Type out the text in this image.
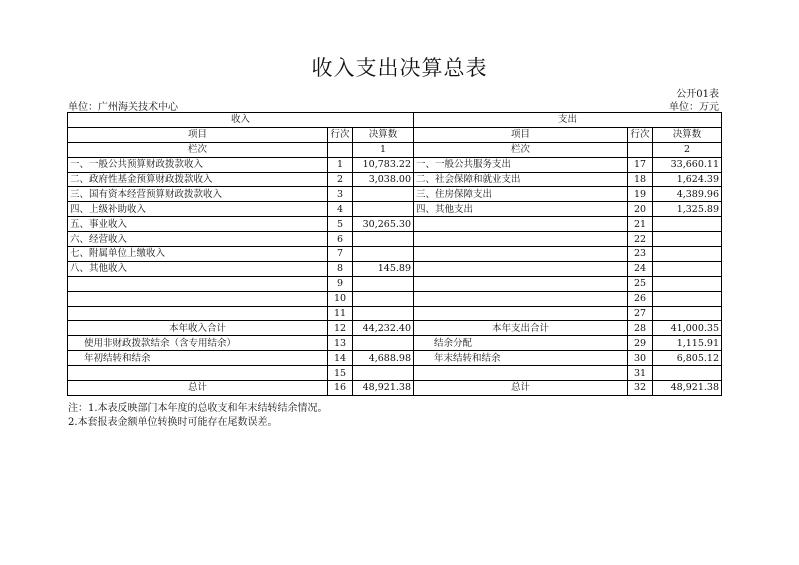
收入支出决算总表
公开01表
单位：广州海关技术中心	单位：万元
收入			支出		
项目	行次	决算数	项目	行次	决算数
栏次		1	栏次		2
一、一般公共预算财政拨款收入	1	10,783.22	一、一般公共服务支出	17	33,660.11
二、政府性基金预算财政拨款收入	2	3,038.00	二、社会保障和就业支出	18	1,624.39
三、国有资本经营预算财政拨款收入	3		三、住房保障支出	19	4,389.96
四、上级补助收入	4		四、其他支出	20	1,325.89
五、事业收入	5	30,265.30		21	
六、经营收入	6			22	
七、附属单位上缴收入	7			23	
八、其他收入	8	145.89		24	
	9			25	
	10			26	
	11			27	
本年收入合计	12	44,232.40	本年支出合计	28	41,000.35
使用非财政拨款结余（含专用结余）	13		结余分配	29	1,115.91
年初结转和结余	14	4,688.98	年末结转和结余	30	6,805.12
	15			31	
总计	16	48,921.38	总计	32	48,921.38
注：1.本表反映部门本年度的总收支和年末结转结余情况。
2.本套报表金额单位转换时可能存在尾数误差。
